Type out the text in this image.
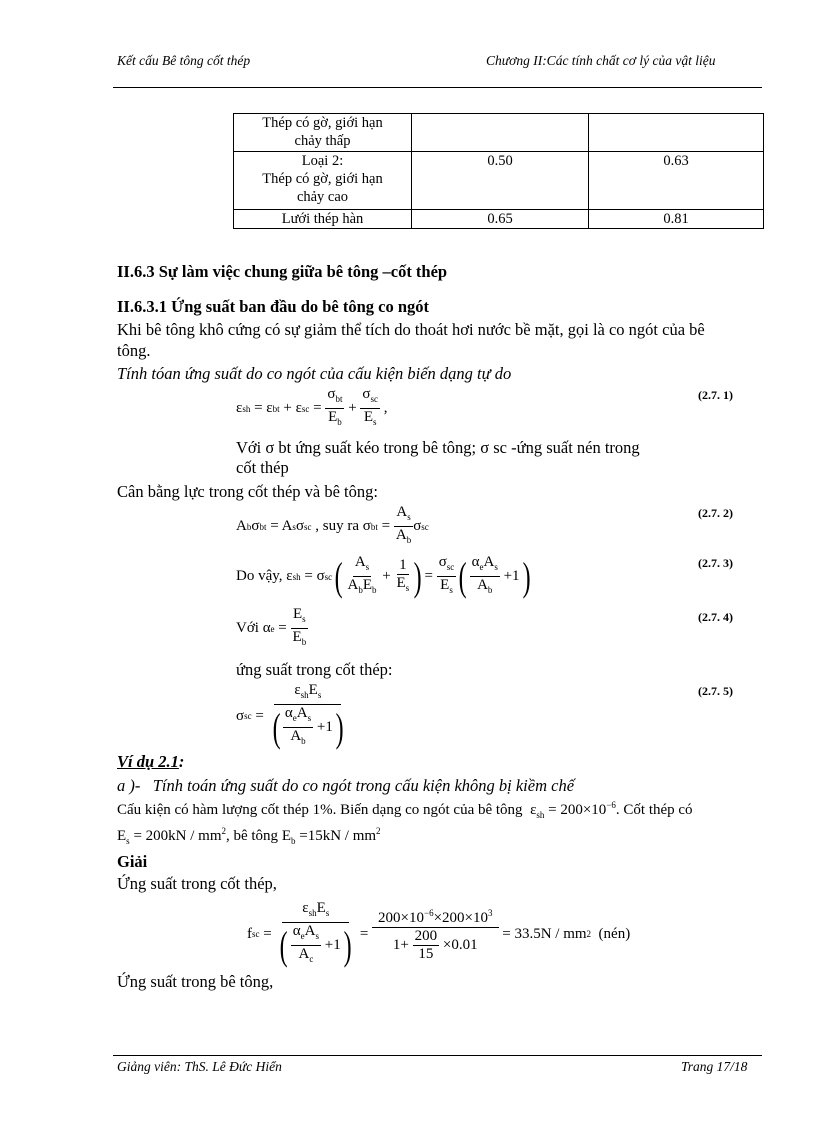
Kết cấu Bê tông cốt thép	Chương II:Các tính chất cơ lý của vật liệu
Thép có gờ, giới hạn
chảy thấp		

Loại 2:
Thép có gờ, giới hạn
chảy cao	0.50	0.63
Lưới thép hàn	0.65	0.81
II.6.3 Sự làm việc chung giữa bê tông –cốt thép
II.6.3.1 Ứng suất ban đầu do bê tông co ngót
Khi bê tông khô cứng có sự giảm thể tích do thoát hơi nước bề mặt, gọi là co ngót của bê
tông.
Tính tóan ứng suất do co ngót của cấu kiện biến dạng tự do
ε sh = ε bt + ε sc = $\frac{\sigma_{bt}}{E_b} + \frac{\sigma_{sc}}{E_s}$ ,
(2.7. 1)
Với σ bt ứng suất kéo trong bê tông; σ sc -ứng suất nén trong
cốt thép
Cân bằng lực trong cốt thép và bê tông:
A b σ bt = A s σ sc
, suy ra σ bt = $\frac{A_s}{A_b}$ σ sc
(2.7. 2)
Do vậy, ε sh = σ sc ( $\frac{A_s}{A_bE_b} + \frac{1}{E_s}$ ) = $\frac{\sigma_{sc}}{E_s}$ ( $\frac{\alpha_eA_s}{A_b} +1$ )	(2.7. 3)
Với α $e = \frac{E_s}{E_b}$	(2.7. 4)
ứng suất trong cốt thép:
σ sc = $\frac{\varepsilon_{sh}E_s}{( \frac{\alpha_eA_s}{A_b} +1 )}$	(2.7. 5)
Ví dụ 2.1:
a )- Tính toán ứng suất do co ngót trong cấu kiện không bị kiềm chế
Cấu kiện có hàm lượng cốt thép 1%. Biến dạng co ngót của bê tông  $\varepsilon_{sh} = 200\times 10^{-6}$. Cốt thép có
$E_s = 200kN / mm^2$, bê tông $E_b =15kN / mm^2$
Giải
Ứng suất trong cốt thép,
f sc = $\frac{\varepsilon_{sh}E_s}{( \frac{\alpha_eA_s}{A_c} +1 )} = \frac{200\times 10^{-6}\times 200\times 10^3}{1+ \frac{200}{15} \times 0.01}$
= 33.5N / mm 2
(nén)
Ứng suất trong bê tông,
Giảng viên: ThS. Lê Đức Hiển	Trang 17/18
